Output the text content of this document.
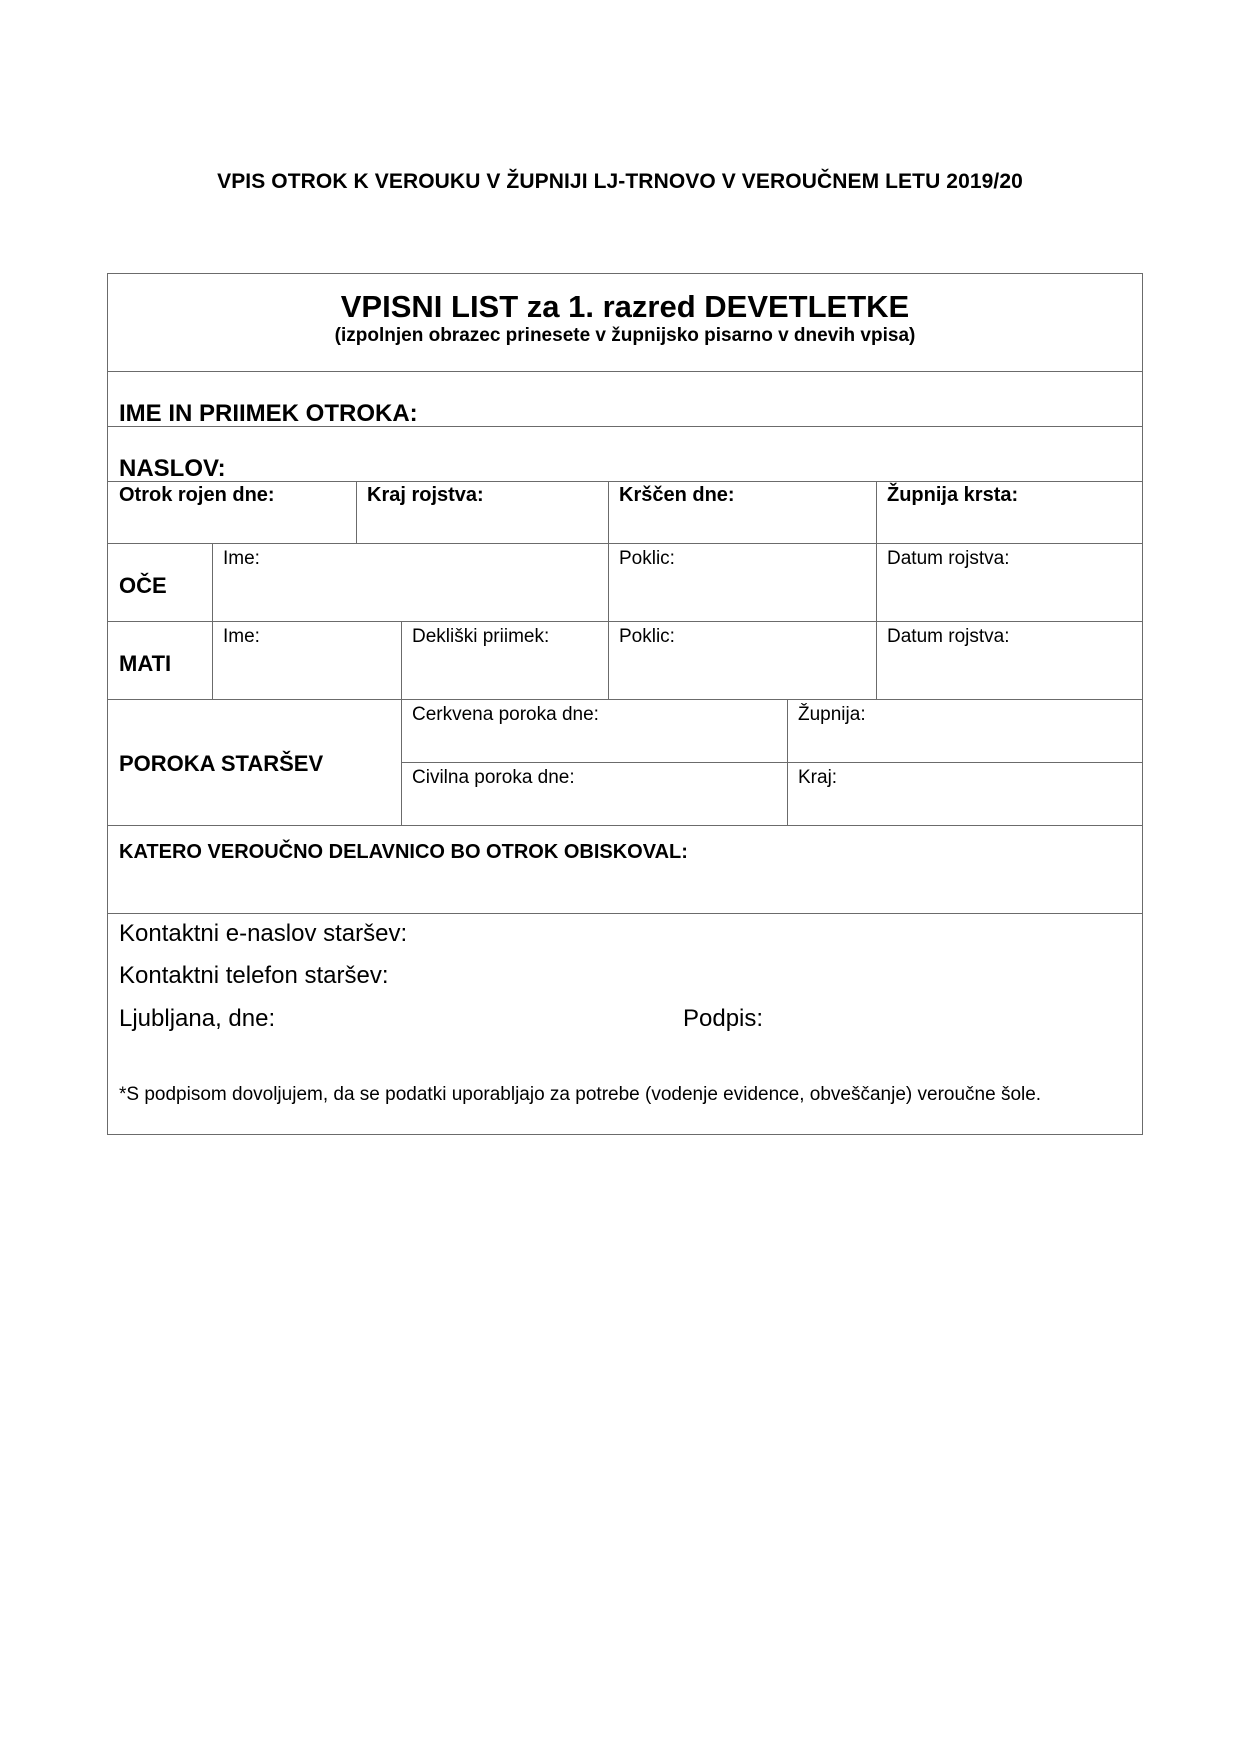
VPIS OTROK K VEROUKU V ŽUPNIJI LJ-TRNOVO V VEROUČNEM LETU 2019/20
VPISNI LIST za 1. razred DEVETLETKE
(izpolnjen obrazec prinesete v župnijsko pisarno v dnevih vpisa)
IME IN PRIIMEK OTROKA:
NASLOV:
Otrok rojen dne:	Kraj rojstva:	Krščen dne:	Župnija krsta:
OČE
Ime:	Poklic:	Datum rojstva:
MATI
Ime:	Dekliški priimek:	Poklic:	Datum rojstva:
POROKA STARŠEV
Cerkvena poroka dne:	Župnija:
Civilna poroka dne:	Kraj:
KATERO VEROUČNO DELAVNICO BO OTROK OBISKOVAL:
Kontaktni e-naslov staršev:
Kontaktni telefon staršev:
Ljubljana, dne:	Podpis:
*S podpisom dovoljujem, da se podatki uporabljajo za potrebe (vodenje evidence, obveščanje) veroučne šole.
